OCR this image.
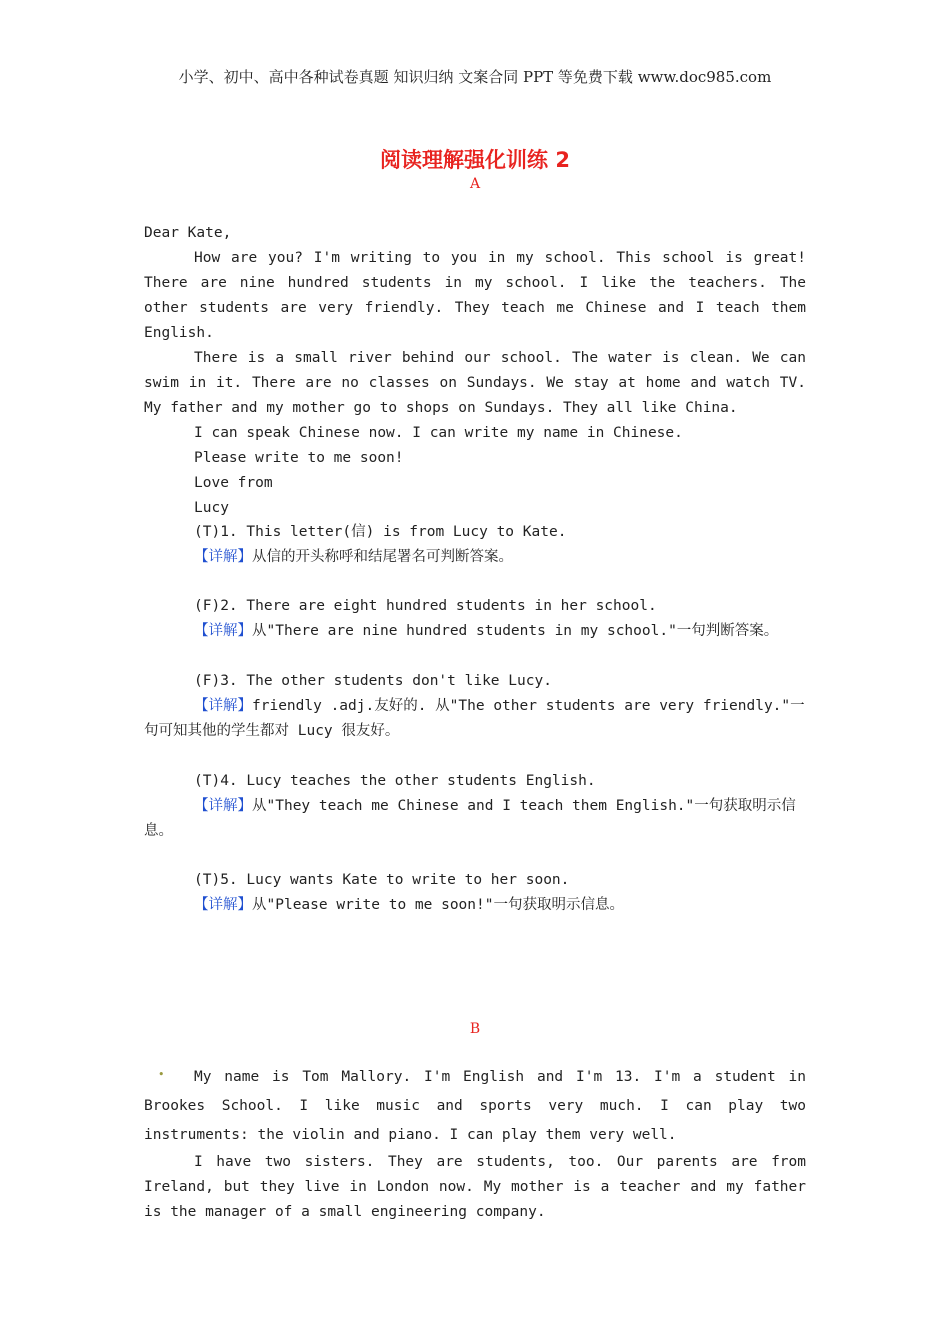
小学、初中、高中各种试卷真题 知识归纳 文案合同 PPT 等免费下载 www.doc985.com
阅读理解强化训练 2
A

Dear Kate,

How are you? I'm writing to you in my school. This school is great! There are nine hundred students in my school. I like the teachers. The other students are very friendly. They teach me Chinese and I teach them English.

There is a small river behind our school. The water is clean. We can swim in it. There are no classes on Sundays. We stay at home and watch TV. My father and my mother go to shops on Sundays. They all like China.

I can speak Chinese now. I can write my name in Chinese.

Please write to me soon!

Love from

Lucy

(T)1. This letter(信) is from Lucy to Kate.

【详解】从信的开头称呼和结尾署名可判断答案。

(F)2. There are eight hundred students in her school.

【详解】从"There are nine hundred students in my school."一句判断答案。

(F)3. The other students don't like Lucy.

【详解】friendly .adj.友好的. 从"The other students are very friendly."一句可知其他的学生都对 Lucy 很友好。

(T)4. Lucy teaches the other students English.

【详解】从"They teach me Chinese and I teach them English."一句获取明示信息。

(T)5. Lucy wants Kate to write to her soon.

【详解】从"Please write to me soon!"一句获取明示信息。

B
•	My name is Tom Mallory. I'm English and I'm 13. I'm a student in Brookes School. I like music and sports very much. I can play two instruments: the violin and piano. I can play them very well.

I have two sisters. They are students, too. Our parents are from Ireland, but they live in London now. My mother is a teacher and my father is the manager of a small engineering company.
